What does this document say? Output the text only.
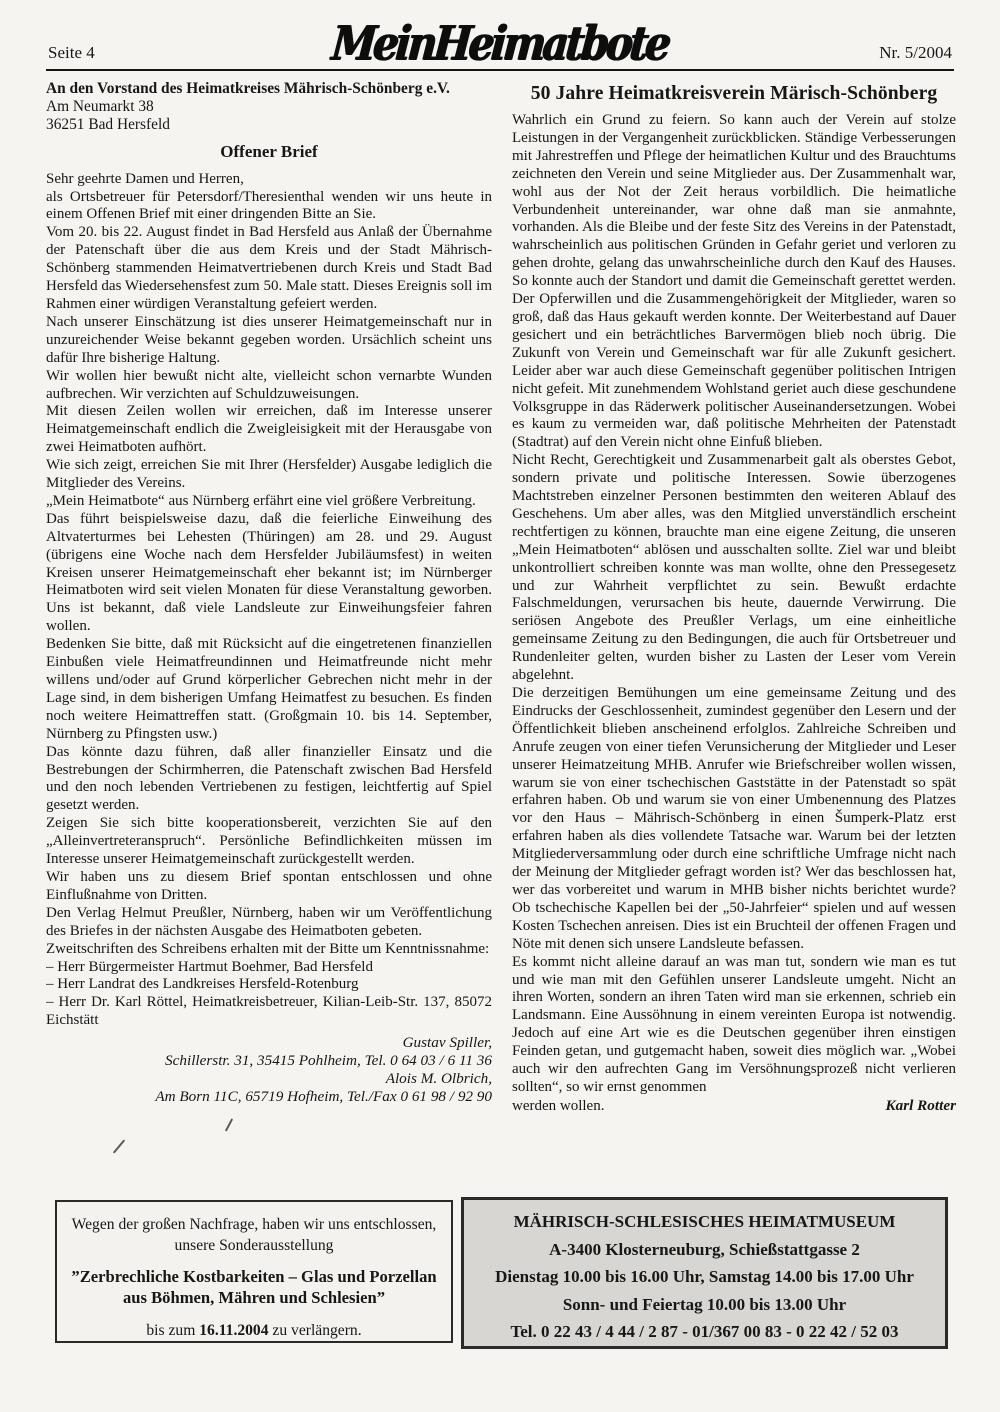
Seite 4	MeinHeimatbote	Nr. 5/2004
An den Vorstand des Heimatkreises Mährisch-Schönberg e.V.
Am Neumarkt 38
36251 Bad Hersfeld
Offener Brief

Sehr geehrte Damen und Herren,

als Ortsbetreuer für Petersdorf/Theresienthal wenden wir uns heute in einem Offenen Brief mit einer dringenden Bitte an Sie.

Vom 20. bis 22. August findet in Bad Hersfeld aus Anlaß der Übernahme der Patenschaft über die aus dem Kreis und der Stadt Mährisch-Schönberg stammenden Heimatvertriebenen durch Kreis und Stadt Bad Hersfeld das Wiedersehensfest zum 50. Male statt. Dieses Ereignis soll im Rahmen einer würdigen Veranstaltung gefeiert werden.

Nach unserer Einschätzung ist dies unserer Heimatgemeinschaft nur in unzureichender Weise bekannt gegeben worden. Ursächlich scheint uns dafür Ihre bisherige Haltung.

Wir wollen hier bewußt nicht alte, vielleicht schon vernarbte Wunden aufbrechen. Wir verzichten auf Schuldzuweisungen.

Mit diesen Zeilen wollen wir erreichen, daß im Interesse unserer Heimatgemeinschaft endlich die Zweigleisigkeit mit der Herausgabe von zwei Heimatboten aufhört.

Wie sich zeigt, erreichen Sie mit Ihrer (Hersfelder) Ausgabe lediglich die Mitglieder des Vereins.

„Mein Heimatbote“ aus Nürnberg erfährt eine viel größere Verbreitung.

Das führt beispielsweise dazu, daß die feierliche Einweihung des Altvaterturmes bei Lehesten (Thüringen) am 28. und 29. August (übrigens eine Woche nach dem Hersfelder Jubiläumsfest) in weiten Kreisen unserer Heimatgemeinschaft eher bekannt ist; im Nürnberger Heimatboten wird seit vielen Monaten für diese Veranstaltung geworben. Uns ist bekannt, daß viele Landsleute zur Einweihungsfeier fahren wollen.

Bedenken Sie bitte, daß mit Rücksicht auf die eingetretenen finanziellen Einbußen viele Heimatfreundinnen und Heimatfreunde nicht mehr willens und/oder auf Grund körperlicher Gebrechen nicht mehr in der Lage sind, in dem bisherigen Umfang Heimatfest zu besuchen. Es finden noch weitere Heimattreffen statt. (Großgmain 10. bis 14. September, Nürnberg zu Pfingsten usw.)

Das könnte dazu führen, daß aller finanzieller Einsatz und die Bestrebungen der Schirmherren, die Patenschaft zwischen Bad Hersfeld und den noch lebenden Vertriebenen zu festigen, leichtfertig auf Spiel gesetzt werden.

Zeigen Sie sich bitte kooperationsbereit, verzichten Sie auf den „Alleinvertreteranspruch“. Persönliche Befindlichkeiten müssen im Interesse unserer Heimatgemeinschaft zurückgestellt werden.

Wir haben uns zu diesem Brief spontan entschlossen und ohne Einflußnahme von Dritten.

Den Verlag Helmut Preußler, Nürnberg, haben wir um Veröffentlichung des Briefes in der nächsten Ausgabe des Heimatboten gebeten.

Zweitschriften des Schreibens erhalten mit der Bitte um Kenntnissnahme:

– Herr Bürgermeister Hartmut Boehmer, Bad Hersfeld

– Herr Landrat des Landkreises Hersfeld-Rotenburg

– Herr Dr. Karl Röttel, Heimatkreisbetreuer, Kilian-Leib-Str. 137, 85072 Eichstätt

Gustav Spiller,
Schillerstr. 31, 35415 Pohlheim, Tel. 0 64 03 / 6 11 36
Alois M. Olbrich,
Am Born 11C, 65719 Hofheim, Tel./Fax 0 61 98 / 92 90
50 Jahre Heimatkreisverein Märisch-Schönberg

Wahrlich ein Grund zu feiern. So kann auch der Verein auf stolze Leistungen in der Vergangenheit zurückblicken. Ständige Verbesserungen mit Jahrestreffen und Pflege der heimatlichen Kultur und des Brauchtums zeichneten den Verein und seine Mitglieder aus. Der Zusammenhalt war, wohl aus der Not der Zeit heraus vorbildlich. Die heimatliche Verbundenheit untereinander, war ohne daß man sie anmahnte, vorhanden. Als die Bleibe und der feste Sitz des Vereins in der Patenstadt, wahrscheinlich aus politischen Gründen in Gefahr geriet und verloren zu gehen drohte, gelang das unwahrscheinliche durch den Kauf des Hauses. So konnte auch der Standort und damit die Gemeinschaft gerettet werden. Der Opferwillen und die Zusammengehörigkeit der Mitglieder, waren so groß, daß das Haus gekauft werden konnte. Der Weiterbestand auf Dauer gesichert und ein beträchtliches Barvermögen blieb noch übrig. Die Zukunft von Verein und Gemeinschaft war für alle Zukunft gesichert. Leider aber war auch diese Gemeinschaft gegenüber politischen Intrigen nicht gefeit. Mit zunehmendem Wohlstand geriet auch diese geschundene Volksgruppe in das Räderwerk politischer Auseinandersetzungen. Wobei es kaum zu vermeiden war, daß politische Mehrheiten der Patenstadt (Stadtrat) auf den Verein nicht ohne Einfuß blieben.

Nicht Recht, Gerechtigkeit und Zusammenarbeit galt als oberstes Gebot, sondern private und politische Interessen. Sowie überzogenes Machtstreben einzelner Personen bestimmten den weiteren Ablauf des Geschehens. Um aber alles, was den Mitglied unverständlich erscheint rechtfertigen zu können, brauchte man eine eigene Zeitung, die unseren „Mein Heimatboten“ ablösen und ausschalten sollte. Ziel war und bleibt unkontrolliert schreiben konnte was man wollte, ohne den Pressegesetz und zur Wahrheit verpflichtet zu sein. Bewußt erdachte Falschmeldungen, verursachen bis heute, dauernde Verwirrung. Die seriösen Angebote des Preußler Verlags, um eine einheitliche gemeinsame Zeitung zu den Bedingungen, die auch für Ortsbetreuer und Rundenleiter gelten, wurden bisher zu Lasten der Leser vom Verein abgelehnt.

Die derzeitigen Bemühungen um eine gemeinsame Zeitung und des Eindrucks der Geschlossenheit, zumindest gegenüber den Lesern und der Öffentlichkeit blieben anscheinend erfolglos. Zahlreiche Schreiben und Anrufe zeugen von einer tiefen Verunsicherung der Mitglieder und Leser unserer Heimatzeitung MHB. Anrufer wie Briefschreiber wollen wissen, warum sie von einer tschechischen Gaststätte in der Patenstadt so spät erfahren haben. Ob und warum sie von einer Umbenennung des Platzes vor den Haus – Mährisch-Schönberg in einen Šumperk-Platz erst erfahren haben als dies vollendete Tatsache war. Warum bei der letzten Mitgliederversammlung oder durch eine schriftliche Umfrage nicht nach der Meinung der Mitglieder gefragt worden ist? Wer das beschlossen hat, wer das vorbereitet und warum in MHB bisher nichts berichtet wurde? Ob tschechische Kapellen bei der „50-Jahrfeier“ spielen und auf wessen Kosten Tschechen anreisen. Dies ist ein Bruchteil der offenen Fragen und Nöte mit denen sich unsere Landsleute befassen.

Es kommt nicht alleine darauf an was man tut, sondern wie man es tut und wie man mit den Gefühlen unserer Landsleute umgeht. Nicht an ihren Worten, sondern an ihren Taten wird man sie erkennen, schrieb ein Landsmann. Eine Aussöhnung in einem vereinten Europa ist notwendig. Jedoch auf eine Art wie es die Deutschen gegenüber ihren einstigen Feinden getan, und gutgemacht haben, soweit dies möglich war. „Wobei auch wir den aufrechten Gang im Versöhnungsprozeß nicht verlieren sollten“, so wir ernst genommen

werden wollen.	Karl Rotter
Wegen der großen Nachfrage, haben wir uns entschlossen,
unsere Sonderausstellung
”Zerbrechliche Kostbarkeiten – Glas und Porzellan
aus Böhmen, Mähren und Schlesien”
bis zum 16.11.2004 zu verlängern.
MÄHRISCH-SCHLESISCHES HEIMATMUSEUM
A-3400 Klosterneuburg, Schießstattgasse 2
Dienstag 10.00 bis 16.00 Uhr, Samstag 14.00 bis 17.00 Uhr
Sonn- und Feiertag 10.00 bis 13.00 Uhr
Tel. 0 22 43 / 4 44 / 2 87 - 01/367 00 83 - 0 22 42 / 52 03
